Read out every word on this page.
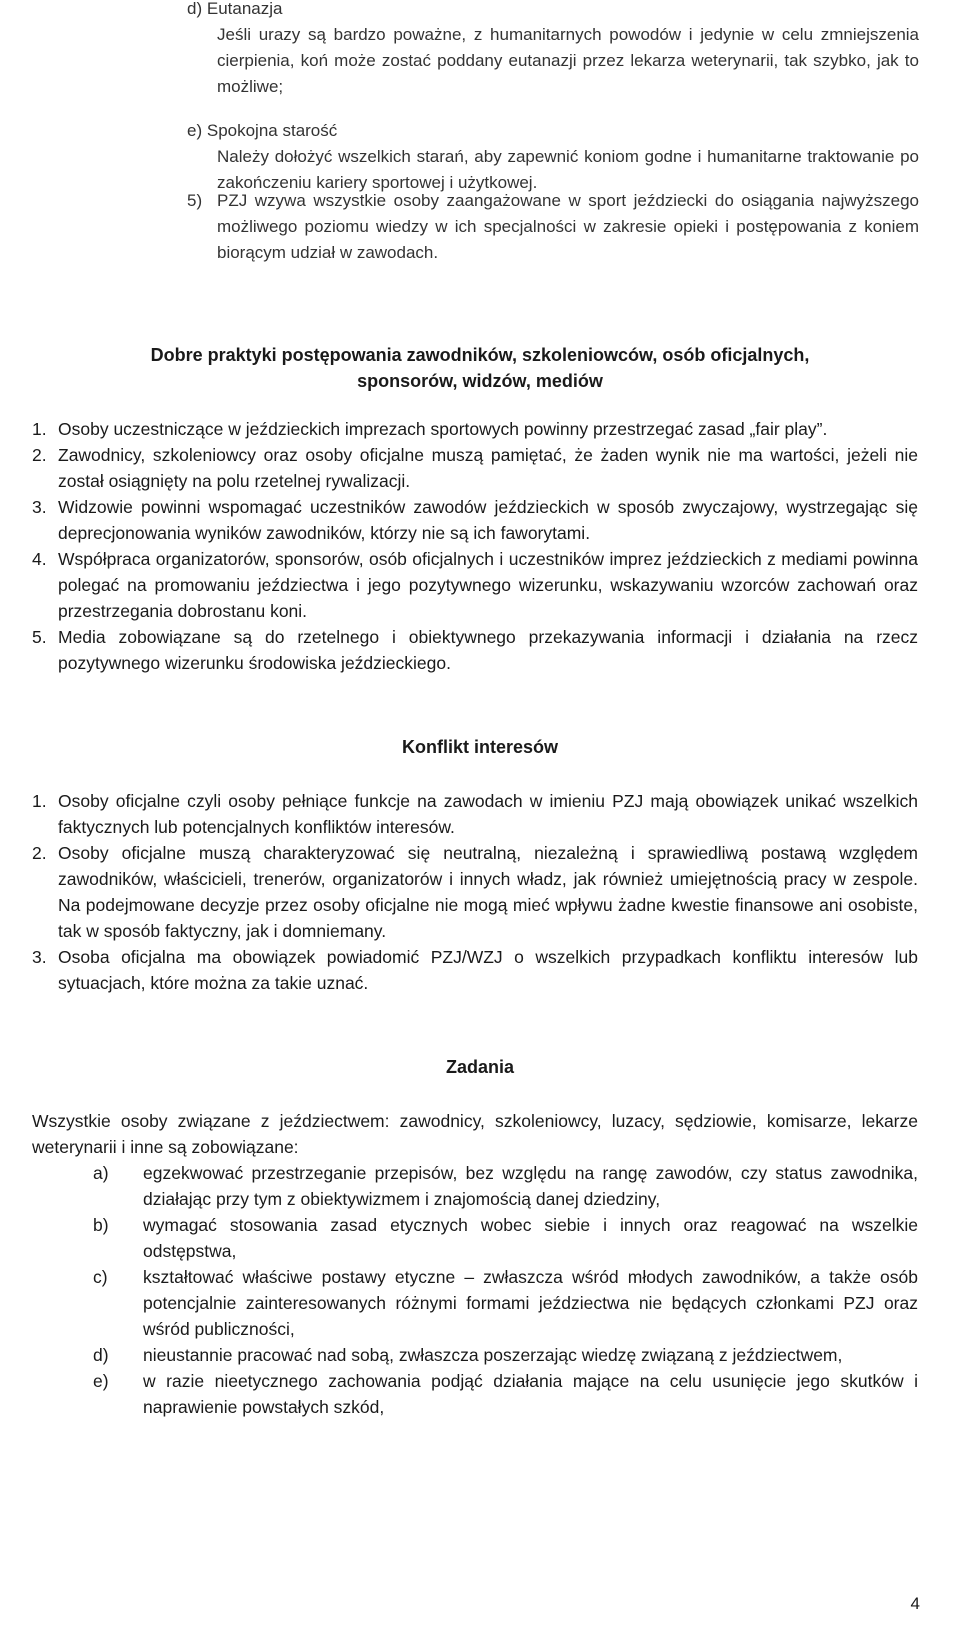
d) Eutanazja
Jeśli urazy są bardzo poważne, z humanitarnych powodów i jedynie w celu zmniejszenia cierpienia, koń może zostać poddany eutanazji przez lekarza weterynarii, tak szybko, jak to możliwe;
e) Spokojna starość
Należy dołożyć wszelkich starań, aby zapewnić koniom godne i humanitarne traktowanie po zakończeniu kariery sportowej i użytkowej.
5) PZJ wzywa wszystkie osoby zaangażowane w sport jeździecki do osiągania najwyższego możliwego poziomu wiedzy w ich specjalności w zakresie opieki i postępowania z koniem biorącym udział w zawodach.
Dobre praktyki postępowania zawodników, szkoleniowców, osób oficjalnych,
sponsorów, widzów, mediów
1. Osoby uczestniczące w jeździeckich imprezach sportowych powinny przestrzegać zasad „fair play”.

2. Zawodnicy, szkoleniowcy oraz osoby oficjalne muszą pamiętać, że żaden wynik nie ma wartości, jeżeli nie został osiągnięty na polu rzetelnej rywalizacji.

3. Widzowie powinni wspomagać uczestników zawodów jeździeckich w sposób zwyczajowy, wystrzegając się deprecjonowania wyników zawodników, którzy nie są ich faworytami.

4. Współpraca organizatorów, sponsorów, osób oficjalnych i uczestników imprez jeździeckich z mediami powinna polegać na promowaniu jeździectwa i jego pozytywnego wizerunku, wskazywaniu wzorców zachowań oraz przestrzegania dobrostanu koni.

5. Media zobowiązane są do rzetelnego i obiektywnego przekazywania informacji i działania na rzecz pozytywnego wizerunku środowiska jeździeckiego.

Konflikt interesów
1. Osoby oficjalne czyli osoby pełniące funkcje na zawodach w imieniu PZJ mają obowiązek unikać wszelkich faktycznych lub potencjalnych konfliktów interesów.

2. Osoby oficjalne muszą charakteryzować się neutralną, niezależną i sprawiedliwą postawą względem zawodników, właścicieli, trenerów, organizatorów i innych władz, jak również umiejętnością pracy w zespole. Na podejmowane decyzje przez osoby oficjalne nie mogą mieć wpływu żadne kwestie finansowe ani osobiste, tak w sposób faktyczny, jak i domniemany.

3. Osoba oficjalna ma obowiązek powiadomić PZJ/WZJ o wszelkich przypadkach konfliktu interesów lub sytuacjach, które można za takie uznać.

Zadania

Wszystkie osoby związane z jeździectwem: zawodnicy, szkoleniowcy, luzacy, sędziowie, komisarze, lekarze weterynarii i inne są zobowiązane:

a) egzekwować przestrzeganie przepisów, bez względu na rangę zawodów, czy status zawodnika, działając przy tym z obiektywizmem i znajomością danej dziedziny,

b) wymagać stosowania zasad etycznych wobec siebie i innych oraz reagować na wszelkie odstępstwa,

c) kształtować właściwe postawy etyczne – zwłaszcza wśród młodych zawodników, a także osób potencjalnie zainteresowanych różnymi formami jeździectwa nie będących członkami PZJ oraz wśród publiczności,

d) nieustannie pracować nad sobą, zwłaszcza poszerzając wiedzę związaną z jeździectwem,

e) w razie nieetycznego zachowania podjąć działania mające na celu usunięcie jego skutków i naprawienie powstałych szkód,

4
